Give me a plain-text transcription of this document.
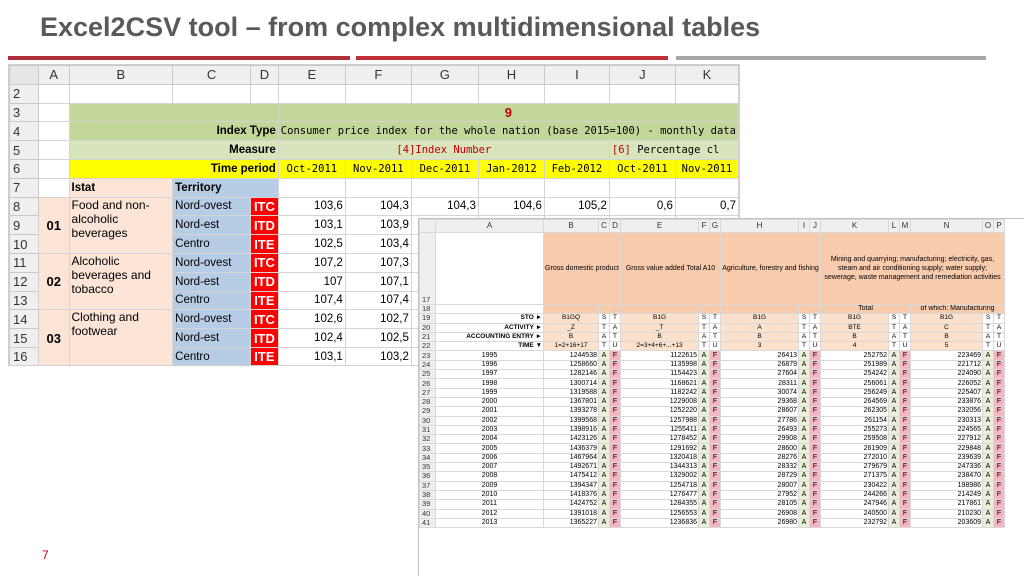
Excel2CSV tool – from complex multidimensional tables
	A	B	C	D	E	F	G	H	I	J	K
2											
3					9						
4		Index Type			Consumer price index for the whole nation (base 2015=100) - monthly data						
5		Measure			[4]Index Number					[6] Percentage cl	
6		Time period			Oct-2011	Nov-2011	Dec-2011	Jan-2012	Feb-2012	Oct-2011	Nov-2011
7		Istat	Territory								
8	01	Food and non-alcoholic beverages	Nord-ovest	ITC	103,6	104,3	104,3	104,6	105,2	0,6	0,7
9			Nord-est	ITD	103,1	103,9					
10			Centro	ITE	102,5	103,4					
11	02	Alcoholic beverages and tobacco	Nord-ovest	ITC	107,2	107,3					
12			Nord-est	ITD	107	107,1					
13			Centro	ITE	107,4	107,4					
14	03	Clothing and footwear	Nord-ovest	ITC	102,6	102,7					
15			Nord-est	ITD	102,4	102,5					
16			Centro	ITE	103,1	103,2					
	A	B	C	D	E	F	G	H	I	J	K	L	M	N	O	P
17		Gross domestic product			Gross value added Total A10			Agriculture, forestry and fishing			Mining and quarrying; manufacturing; electricity, gas, steam and air conditioning supply; water supply; sewerage, waste management and remediation activities					
18											Total			of which: Manufacturing		
19	STO ►	B1GQ	S	T	B1G	S	T	B1G	S	T	B1G	S	T	B1G	S	T
20	ACTIVITY ►	_Z	T	A	_T	T	A	A	T	A	BTE	T	A	C	T	A
21	ACCOUNTING ENTRY ►	B	A	T	B	A	T	B	A	T	B	A	T	B	A	T
22	TIME ▼	1=2+16+17	T	U	2=3+4+6+...+13	T	U	3	T	U	4	T	U	5	T	U
23	1995	1244538	A	F	1122615	A	F	26413	A	F	252752	A	F	223469	A	F
24	1996	1258660	A	F	1135998	A	F	26879	A	F	251989	A	F	221712	A	F
25	1997	1282146	A	F	1154423	A	F	27604	A	F	254242	A	F	224090	A	F
26	1998	1300714	A	F	1168621	A	F	28311	A	F	256061	A	F	226052	A	F
27	1999	1319588	A	F	1182242	A	F	30074	A	F	256249	A	F	225407	A	F
28	2000	1367801	A	F	1229008	A	F	29368	A	F	264569	A	F	233876	A	F
29	2001	1393278	A	F	1252220	A	F	28607	A	F	262305	A	F	232056	A	F
30	2002	1399568	A	F	1257988	A	F	27786	A	F	261154	A	F	230313	A	F
31	2003	1398916	A	F	1255411	A	F	26493	A	F	255273	A	F	224565	A	F
32	2004	1423126	A	F	1278452	A	F	29908	A	F	259508	A	F	227912	A	F
33	2005	1436379	A	F	1291692	A	F	28600	A	F	261909	A	F	229848	A	F
34	2006	1467964	A	F	1320418	A	F	28276	A	F	272010	A	F	239639	A	F
35	2007	1492671	A	F	1344313	A	F	28332	A	F	279679	A	F	247336	A	F
36	2008	1475412	A	F	1329002	A	F	28729	A	F	271375	A	F	238470	A	F
37	2009	1394347	A	F	1254718	A	F	28007	A	F	230422	A	F	198986	A	F
38	2010	1418376	A	F	1276477	A	F	27952	A	F	244266	A	F	214249	A	F
39	2011	1424752	A	F	1284355	A	F	28105	A	F	247946	A	F	217861	A	F
40	2012	1391018	A	F	1256553	A	F	26908	A	F	240500	A	F	210230	A	F
41	2013	1365227	A	F	1236836	A	F	26980	A	F	232792	A	F	203609	A	F
7
